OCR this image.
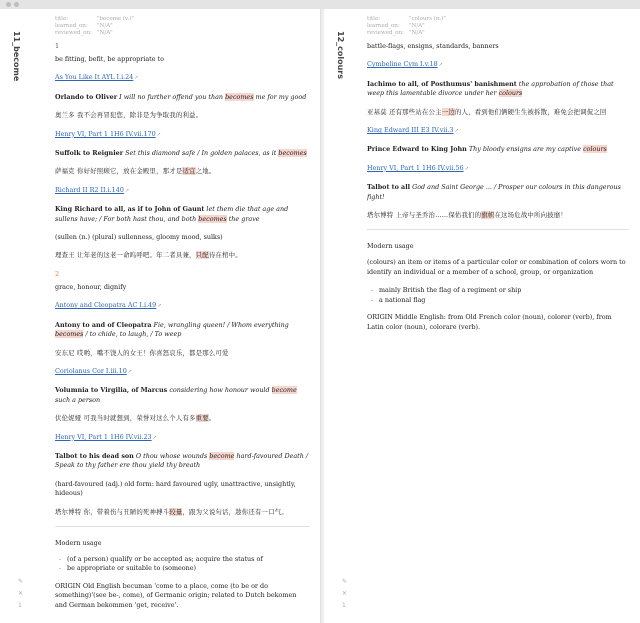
11_become
✎
✕
1
title:	"become (v.)"
learned_on: "N/A"
reviewed_on: "N/A"
1

be fitting, befit, be appropriate to

As You Like It AYL I.i.24↗

Orlando to Oliver I will no further offend you than becomes me for my good

奥兰多 我不会再冒犯您，除非是为争取我的利益。

Henry VI, Part 1 1H6 IV.vii.170↗

Suffolk to Reignier Set this diamond safe / In golden palaces, as it becomes

萨福克 你好好照顾它，放在金殿里，那才是适宜之地。

Richard II R2 II.i.140↗

King Richard to all, as if to John of Gaunt let them die that age and sullens have; / For both hast thou, and both becomes the grave

(sullen (n.) (plural) sullenness, gloomy mood, sulks)

理查王 让年老的这老一命呜呼吧。年二者具兼，只配待在棺中。

2

grace, honour, dignify

Antony and Cleopatra AC I.i.49↗

Antony to and of Cleopatra Fie, wrangling queen! / Whom everything becomes / to chide, to laugh, / To weep

安东尼 哎哟，嘴不饶人的女王！你喜怒哀乐，都是那么可爱

Coriolanus Cor I.iii.10↗

Volumnia to Virgilia, of Marcus considering how honour would become such a person

伏伦妮娅 可我当时就想到，荣誉对这么个人有多重要。

Henry VI, Part 1 1H6 IV.vii.23↗

Talbot to his dead son O thou whose wounds become hard-favoured Death / Speak to thy father ere thou yield thy breath

(hard-favoured (adj.) old form: hard favoured ugly, unattractive, unsightly, hideous)

塔尔博特 你，带着伤与丑陋的死神搏斗较量，跟为父说句话，趁你还有一口气。

Modern usage
- (of a person) qualify or be accepted as; acquire the status of
- be appropriate or suitable to (someone)

ORIGIN Old English becuman 'come to a place, come (to be or do something)'(see be-, come), of Germanic origin; related to Dutch bekomen and German bekommen 'get, receive'.

12_colours
✎
✕
1
title:	"colours (n.)"
learned_on: "N/A"
reviewed_on: "N/A"

battle-flags, ensigns, standards, banners

Cymbeline Cym I.v.18↗

Iachimo to all, of Posthumus' banishment the approbation of those that weep this lamentable divorce under her colours

亚基莫 还有那些站在公主一边的人，看到他们俩硬生生被拆散，难免会把调侃之回

King Edward III E3 IV.vii.3↗

Prince Edward to King John Thy bloody ensigns are my captive colours

Henry VI, Part 1 1H6 IV.vii.56↗

Talbot to all God and Saint George ... / Prosper our colours in this dangerous fight!

塔尔博特 上帝与圣乔治……保佑我们的旗帜在这场危战中所向披靡！

Modern usage

(colours) an item or items of a particular color or combination of colors worn to identify an individual or a member of a school, group, or organization

- mainly British the flag of a regiment or ship
- a national flag

ORIGIN Middle English: from Old French color (noun), colorer (verb), from Latin color (noun), colorare (verb).
